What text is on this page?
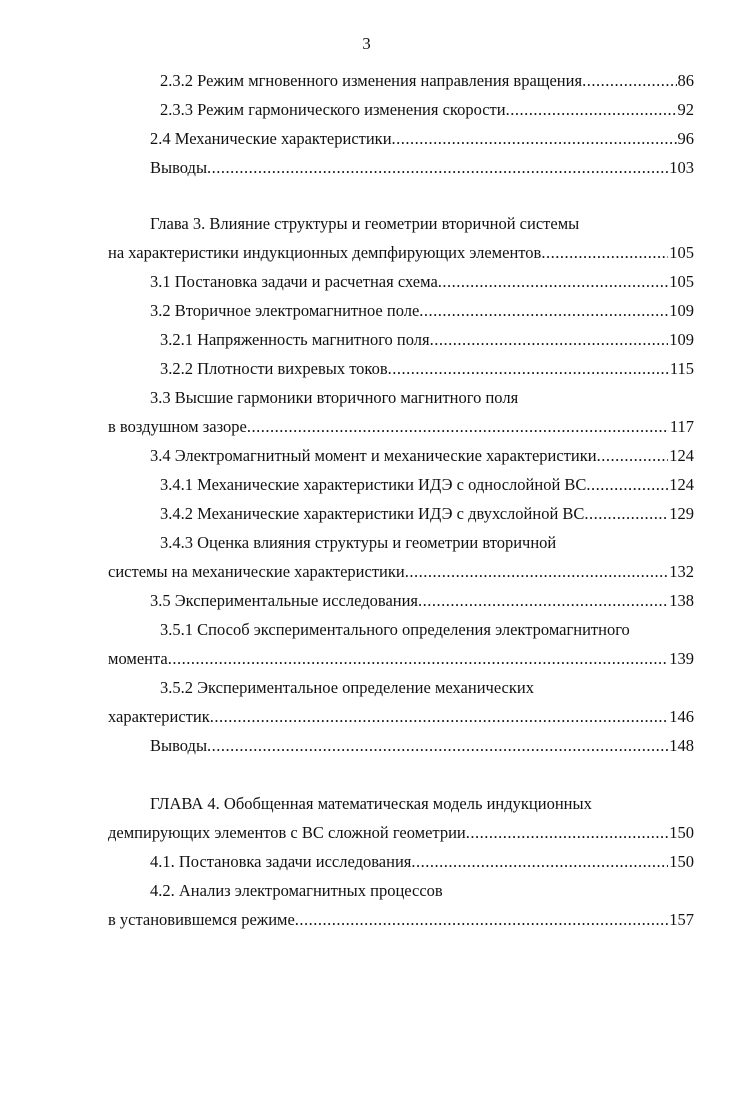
3
2.3.2 Режим мгновенного изменения направления вращения .....	86
2.3.3 Режим гармонического изменения скорости .....	92
2.4 Механические характеристики .....	96
Выводы .....	103
Глава 3. Влияние структуры и геометрии вторичной системы
на характеристики индукционных демпфирующих элементов .....	105
3.1 Постановка задачи и расчетная схема .....	105
3.2 Вторичное электромагнитное поле .....	109
3.2.1 Напряженность магнитного поля .....	109
3.2.2 Плотности вихревых токов .....	115
3.3 Высшие гармоники вторичного магнитного поля
в воздушном зазоре .....	117
3.4 Электромагнитный момент и механические характеристики .....	124
3.4.1 Механические характеристики ИДЭ с однослойной ВС .....	124
3.4.2 Механические характеристики ИДЭ с двухслойной ВС .....	129
3.4.3 Оценка влияния структуры и геометрии вторичной
системы на механические характеристики .....	132
3.5 Экспериментальные исследования .....	138
3.5.1 Способ экспериментального определения электромагнитного
момента .....	139
3.5.2 Экспериментальное определение механических
характеристик .....	146
Выводы .....	148
ГЛАВА 4. Обобщенная математическая модель индукционных
демпирующих элементов с ВС сложной геометрии .....	150
4.1. Постановка задачи исследования .....	150
4.2. Анализ электромагнитных процессов
в установившемся режиме .....	157
